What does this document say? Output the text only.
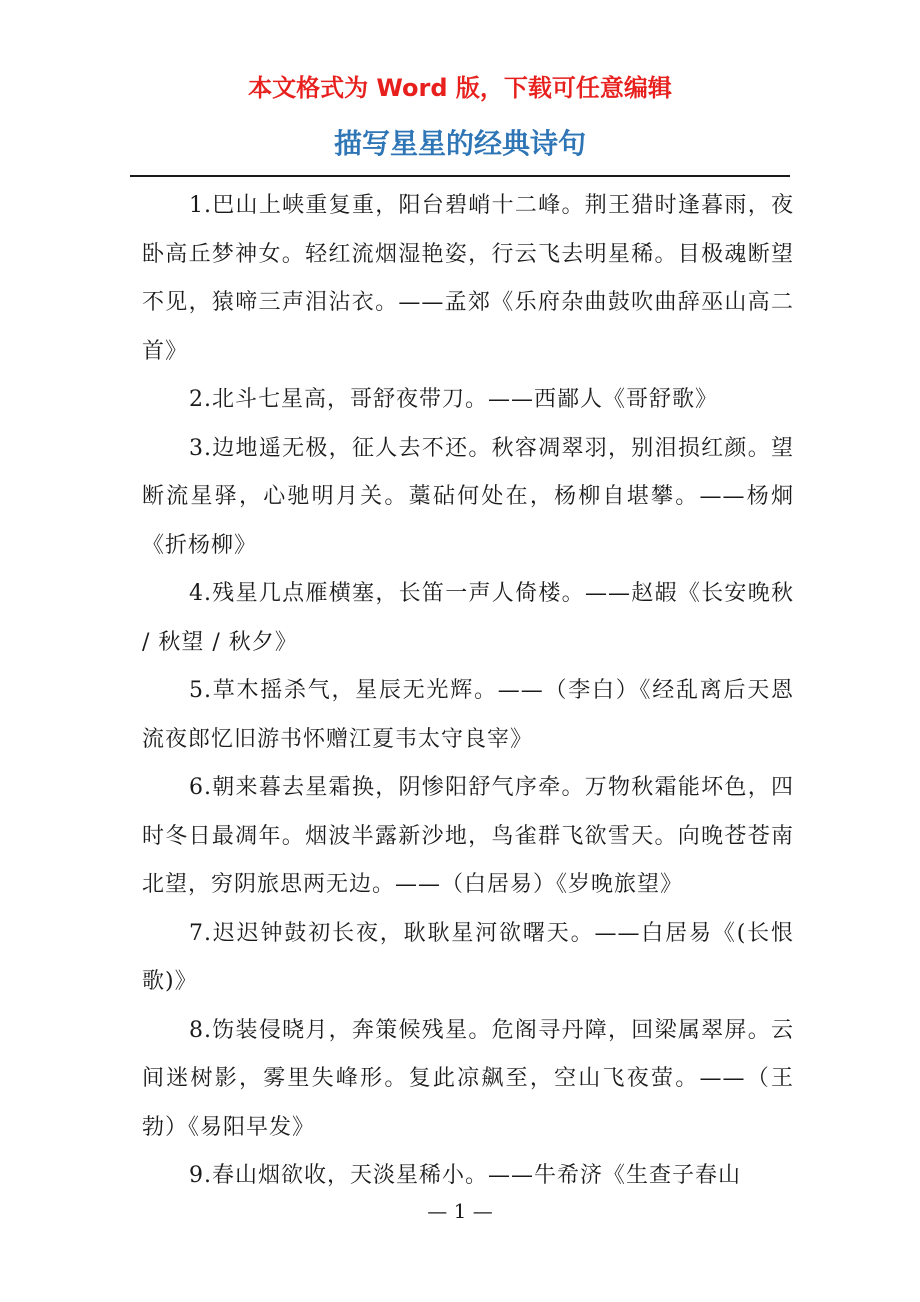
本文格式为 Word 版，下载可任意编辑
描写星星的经典诗句

1.巴山上峡重复重，阳台碧峭十二峰。荆王猎时逢暮雨，夜卧高丘梦神女。轻红流烟湿艳姿，行云飞去明星稀。目极魂断望不见，猿啼三声泪沾衣。——孟郊《乐府杂曲鼓吹曲辞巫山高二首》

2.北斗七星高，哥舒夜带刀。——西鄙人《哥舒歌》

3.边地遥无极，征人去不还。秋容凋翠羽，别泪损红颜。望断流星驿，心驰明月关。藁砧何处在，杨柳自堪攀。——杨炯《折杨柳》

4.残星几点雁横塞，长笛一声人倚楼。——赵嘏《长安晚秋 / 秋望 / 秋夕》

5.草木摇杀气，星辰无光辉。——（李白）《经乱离后天恩流夜郎忆旧游书怀赠江夏韦太守良宰》

6.朝来暮去星霜换，阴惨阳舒气序牵。万物秋霜能坏色，四时冬日最凋年。烟波半露新沙地，鸟雀群飞欲雪天。向晚苍苍南北望，穷阴旅思两无边。——（白居易）《岁晚旅望》

7.迟迟钟鼓初长夜，耿耿星河欲曙天。——白居易《(长恨歌)》

8.饬装侵晓月，奔策候残星。危阁寻丹障，回梁属翠屏。云间迷树影，雾里失峰形。复此凉飙至，空山飞夜萤。——（王勃）《易阳早发》

9.春山烟欲收，天淡星稀小。——牛希济《生查子春山

— 1 —
